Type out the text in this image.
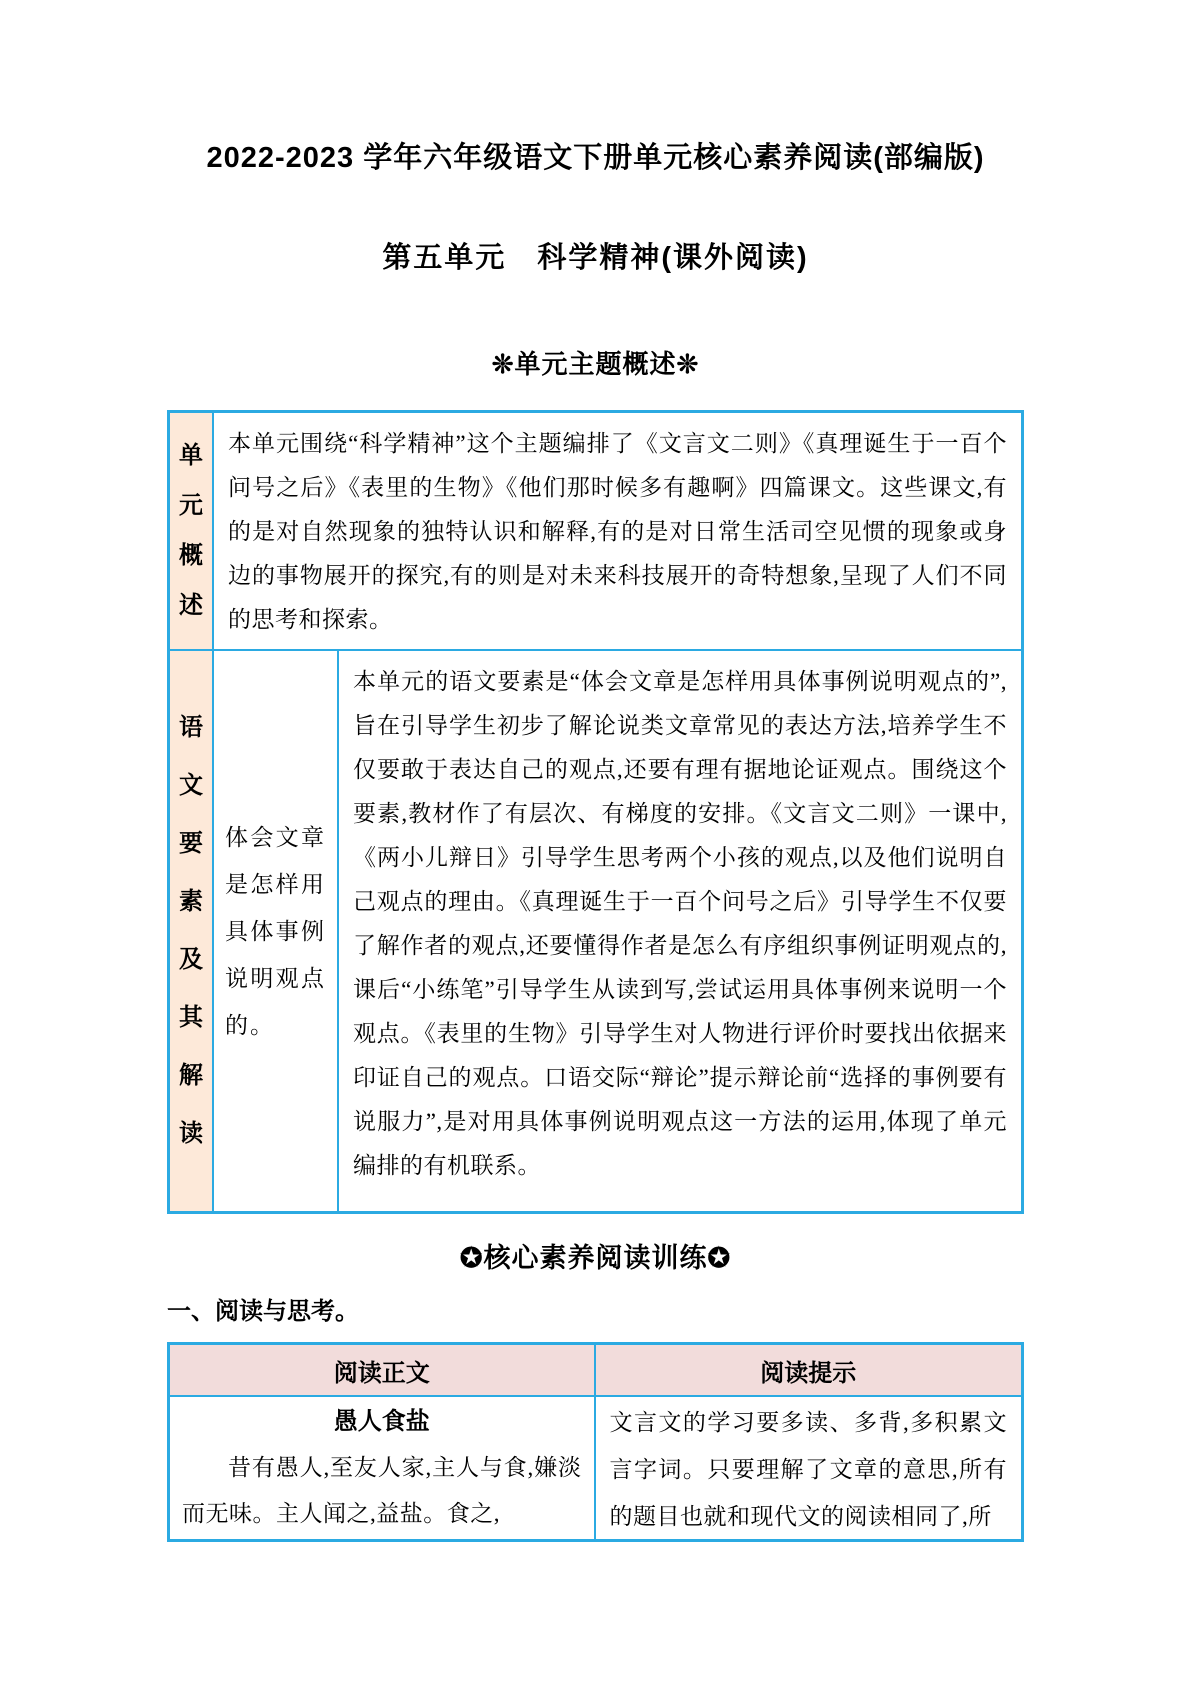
2022-2023 学年六年级语文下册单元核心素养阅读(部编版)
第五单元　科学精神(课外阅读)
❊单元主题概述❊
单元概述
本单元围绕“科学精神”这个主题编排了《文言文二则》《真理诞生于一百个问号之后》《表里的生物》《他们那时候多有趣啊》四篇课文。这些课文,有的是对自然现象的独特认识和解释,有的是对日常生活司空见惯的现象或身边的事物展开的探究,有的则是对未来科技展开的奇特想象,呈现了人们不同的思考和探索。
语文要素及其解读
体会文章是怎样用具体事例说明观点的。
本单元的语文要素是“体会文章是怎样用具体事例说明观点的”,旨在引导学生初步了解论说类文章常见的表达方法,培养学生不仅要敢于表达自己的观点,还要有理有据地论证观点。围绕这个要素,教材作了有层次、有梯度的安排。《文言文二则》一课中,《两小儿辩日》引导学生思考两个小孩的观点,以及他们说明自己观点的理由。《真理诞生于一百个问号之后》引导学生不仅要了解作者的观点,还要懂得作者是怎么有序组织事例证明观点的,课后“小练笔”引导学生从读到写,尝试运用具体事例来说明一个观点。《表里的生物》引导学生对人物进行评价时要找出依据来印证自己的观点。口语交际“辩论”提示辩论前“选择的事例要有说服力”,是对用具体事例说明观点这一方法的运用,体现了单元编排的有机联系。
✪核心素养阅读训练✪
一、阅读与思考。
阅读正文	阅读提示
愚人食盐
昔有愚人,至友人家,主人与食,嫌淡而无味。主人闻之,益盐。食之,
文言文的学习要多读、多背,多积累文言字词。只要理解了文章的意思,所有的题目也就和现代文的阅读相同了,所
